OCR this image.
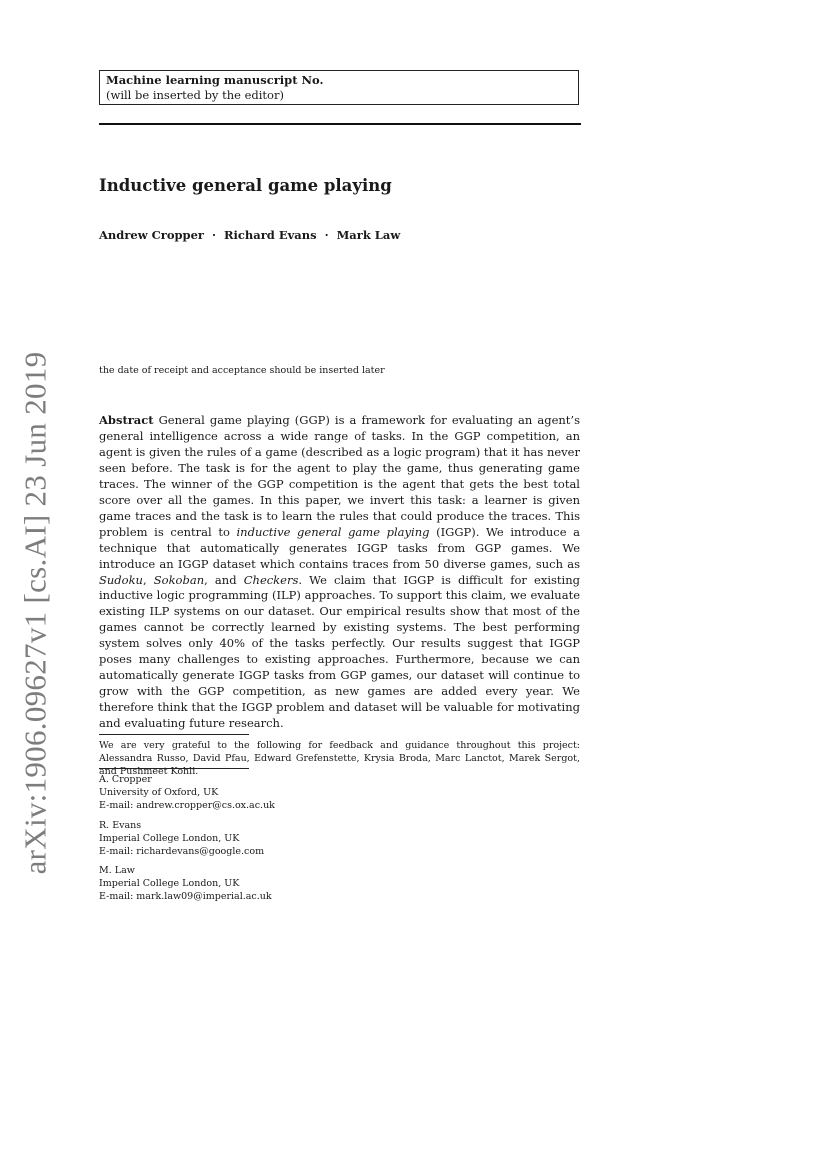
arXiv:1906.09627v1 [cs.AI] 23 Jun 2019
Machine learning manuscript No.
(will be inserted by the editor)
Inductive general game playing
Andrew Cropper · Richard Evans · Mark Law
the date of receipt and acceptance should be inserted later
Abstract General game playing (GGP) is a framework for evaluating an agent’s general intelligence across a wide range of tasks. In the GGP competition, an agent is given the rules of a game (described as a logic program) that it has never seen before. The task is for the agent to play the game, thus generating game traces. The winner of the GGP competition is the agent that gets the best total score over all the games. In this paper, we invert this task: a learner is given game traces and the task is to learn the rules that could produce the traces. This problem is central to inductive general game playing (IGGP). We introduce a technique that automatically generates IGGP tasks from GGP games. We introduce an IGGP dataset which contains traces from 50 diverse games, such as Sudoku, Sokoban, and Checkers. We claim that IGGP is difficult for existing inductive logic programming (ILP) approaches. To support this claim, we evaluate existing ILP systems on our dataset. Our empirical results show that most of the games cannot be correctly learned by existing systems. The best performing system solves only 40% of the tasks perfectly. Our results suggest that IGGP poses many challenges to existing approaches. Furthermore, because we can automatically generate IGGP tasks from GGP games, our dataset will continue to grow with the GGP competition, as new games are added every year. We therefore think that the IGGP problem and dataset will be valuable for motivating and evaluating future research.
We are very grateful to the following for feedback and guidance throughout this project: Alessandra Russo, David Pfau, Edward Grefenstette, Krysia Broda, Marc Lanctot, Marek Sergot, and Pushmeet Kohli.
A. Cropper
University of Oxford, UK
E-mail: andrew.cropper@cs.ox.ac.uk
R. Evans
Imperial College London, UK
E-mail: richardevans@google.com
M. Law
Imperial College London, UK
E-mail: mark.law09@imperial.ac.uk
